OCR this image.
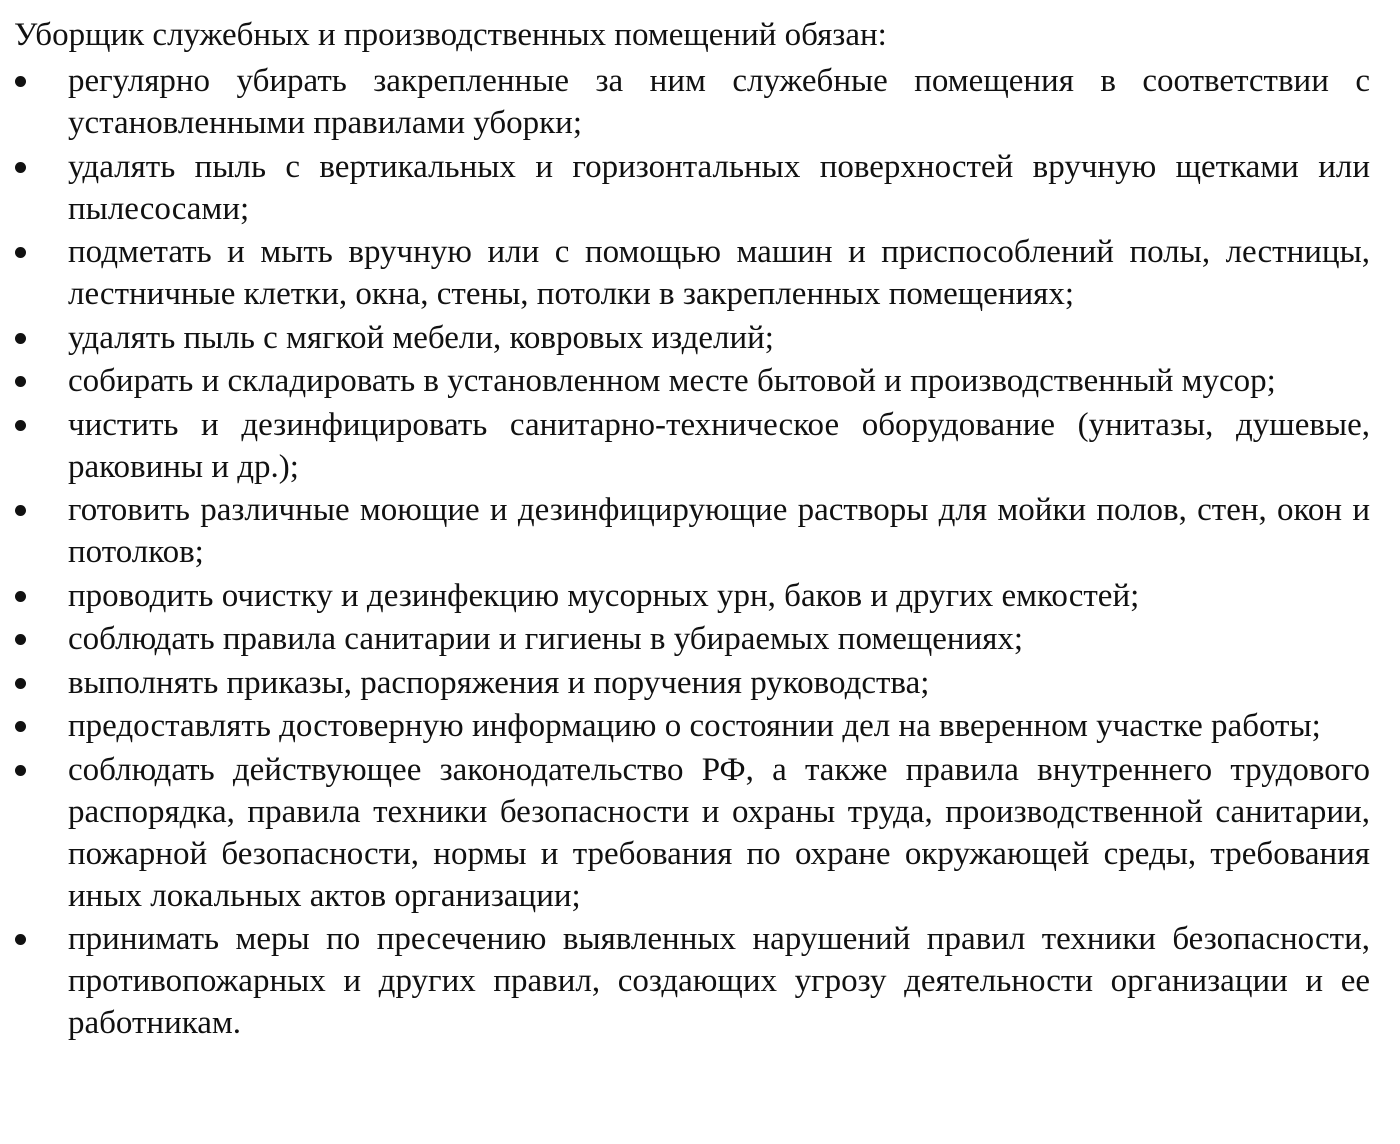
Уборщик служебных и производственных помещений обязан:
регулярно убирать закрепленные за ним служебные помещения в соответствии с установленными правилами уборки;
удалять пыль с вертикальных и горизонтальных поверхностей вручную щетками или пылесосами;
подметать и мыть вручную или с помощью машин и приспособлений полы, лестницы, лестничные клетки, окна, стены, потолки в закрепленных помещениях;
удалять пыль с мягкой мебели, ковровых изделий;
собирать и складировать в установленном месте бытовой и производственный мусор;
чистить и дезинфицировать санитарно-техническое оборудование (унитазы, душевые, раковины и др.);
готовить различные моющие и дезинфицирующие растворы для мойки полов, стен, окон и потолков;
проводить очистку и дезинфекцию мусорных урн, баков и других емкостей;
соблюдать правила санитарии и гигиены в убираемых помещениях;
выполнять приказы, распоряжения и поручения руководства;
предоставлять достоверную информацию о состоянии дел на вверенном участке работы;
соблюдать действующее законодательство РФ, а также правила внутреннего трудового распорядка, правила техники безопасности и охраны труда, производственной санитарии, пожарной безопасности, нормы и требования по охране окружающей среды, требования иных локальных актов организации;
принимать меры по пресечению выявленных нарушений правил техники безопасности, противопожарных и других правил, создающих угрозу деятельности организации и ее работникам.
